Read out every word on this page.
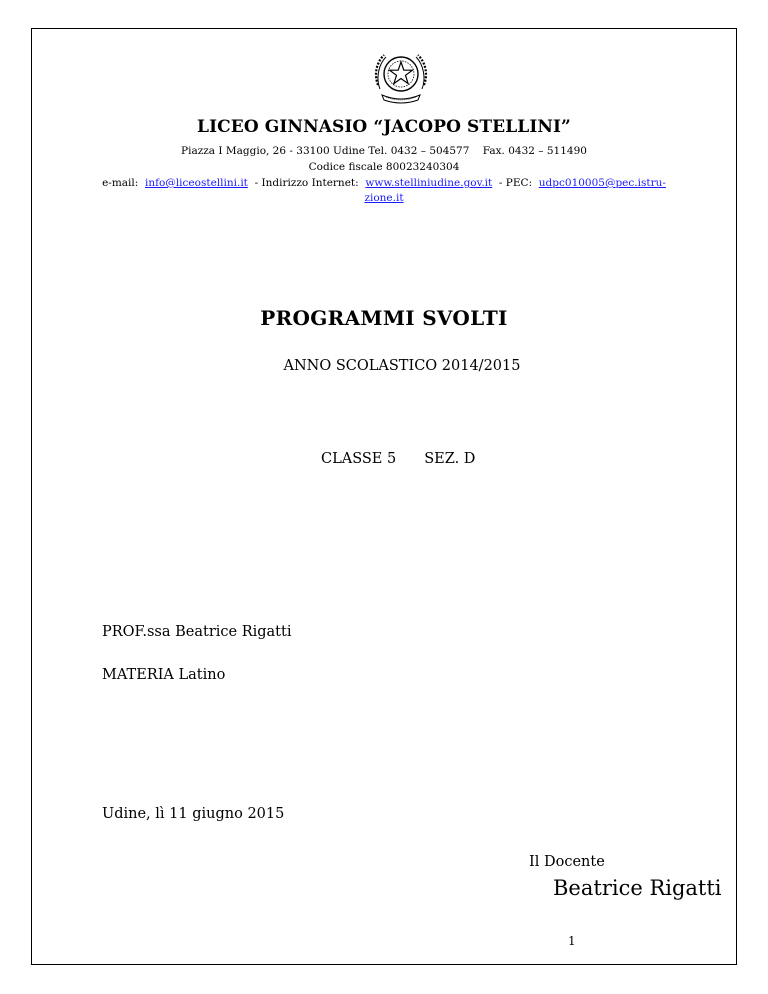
LICEO GINNASIO “JACOPO STELLINI”
Piazza I Maggio, 26 - 33100 Udine Tel. 0432 – 504577 Fax. 0432 – 511490
Codice fiscale 80023240304
e-mail: info@liceostellini.it - Indirizzo Internet: www.stelliniudine.gov.it - PEC: udpc010005@pec.istru-
zione.it
PROGRAMMI SVOLTI
ANNO SCOLASTICO 2014/2015
CLASSE 5 SEZ. D
PROF.ssa Beatrice Rigatti
MATERIA Latino
Udine, lì 11 giugno 2015
Il Docente
Beatrice Rigatti
1
